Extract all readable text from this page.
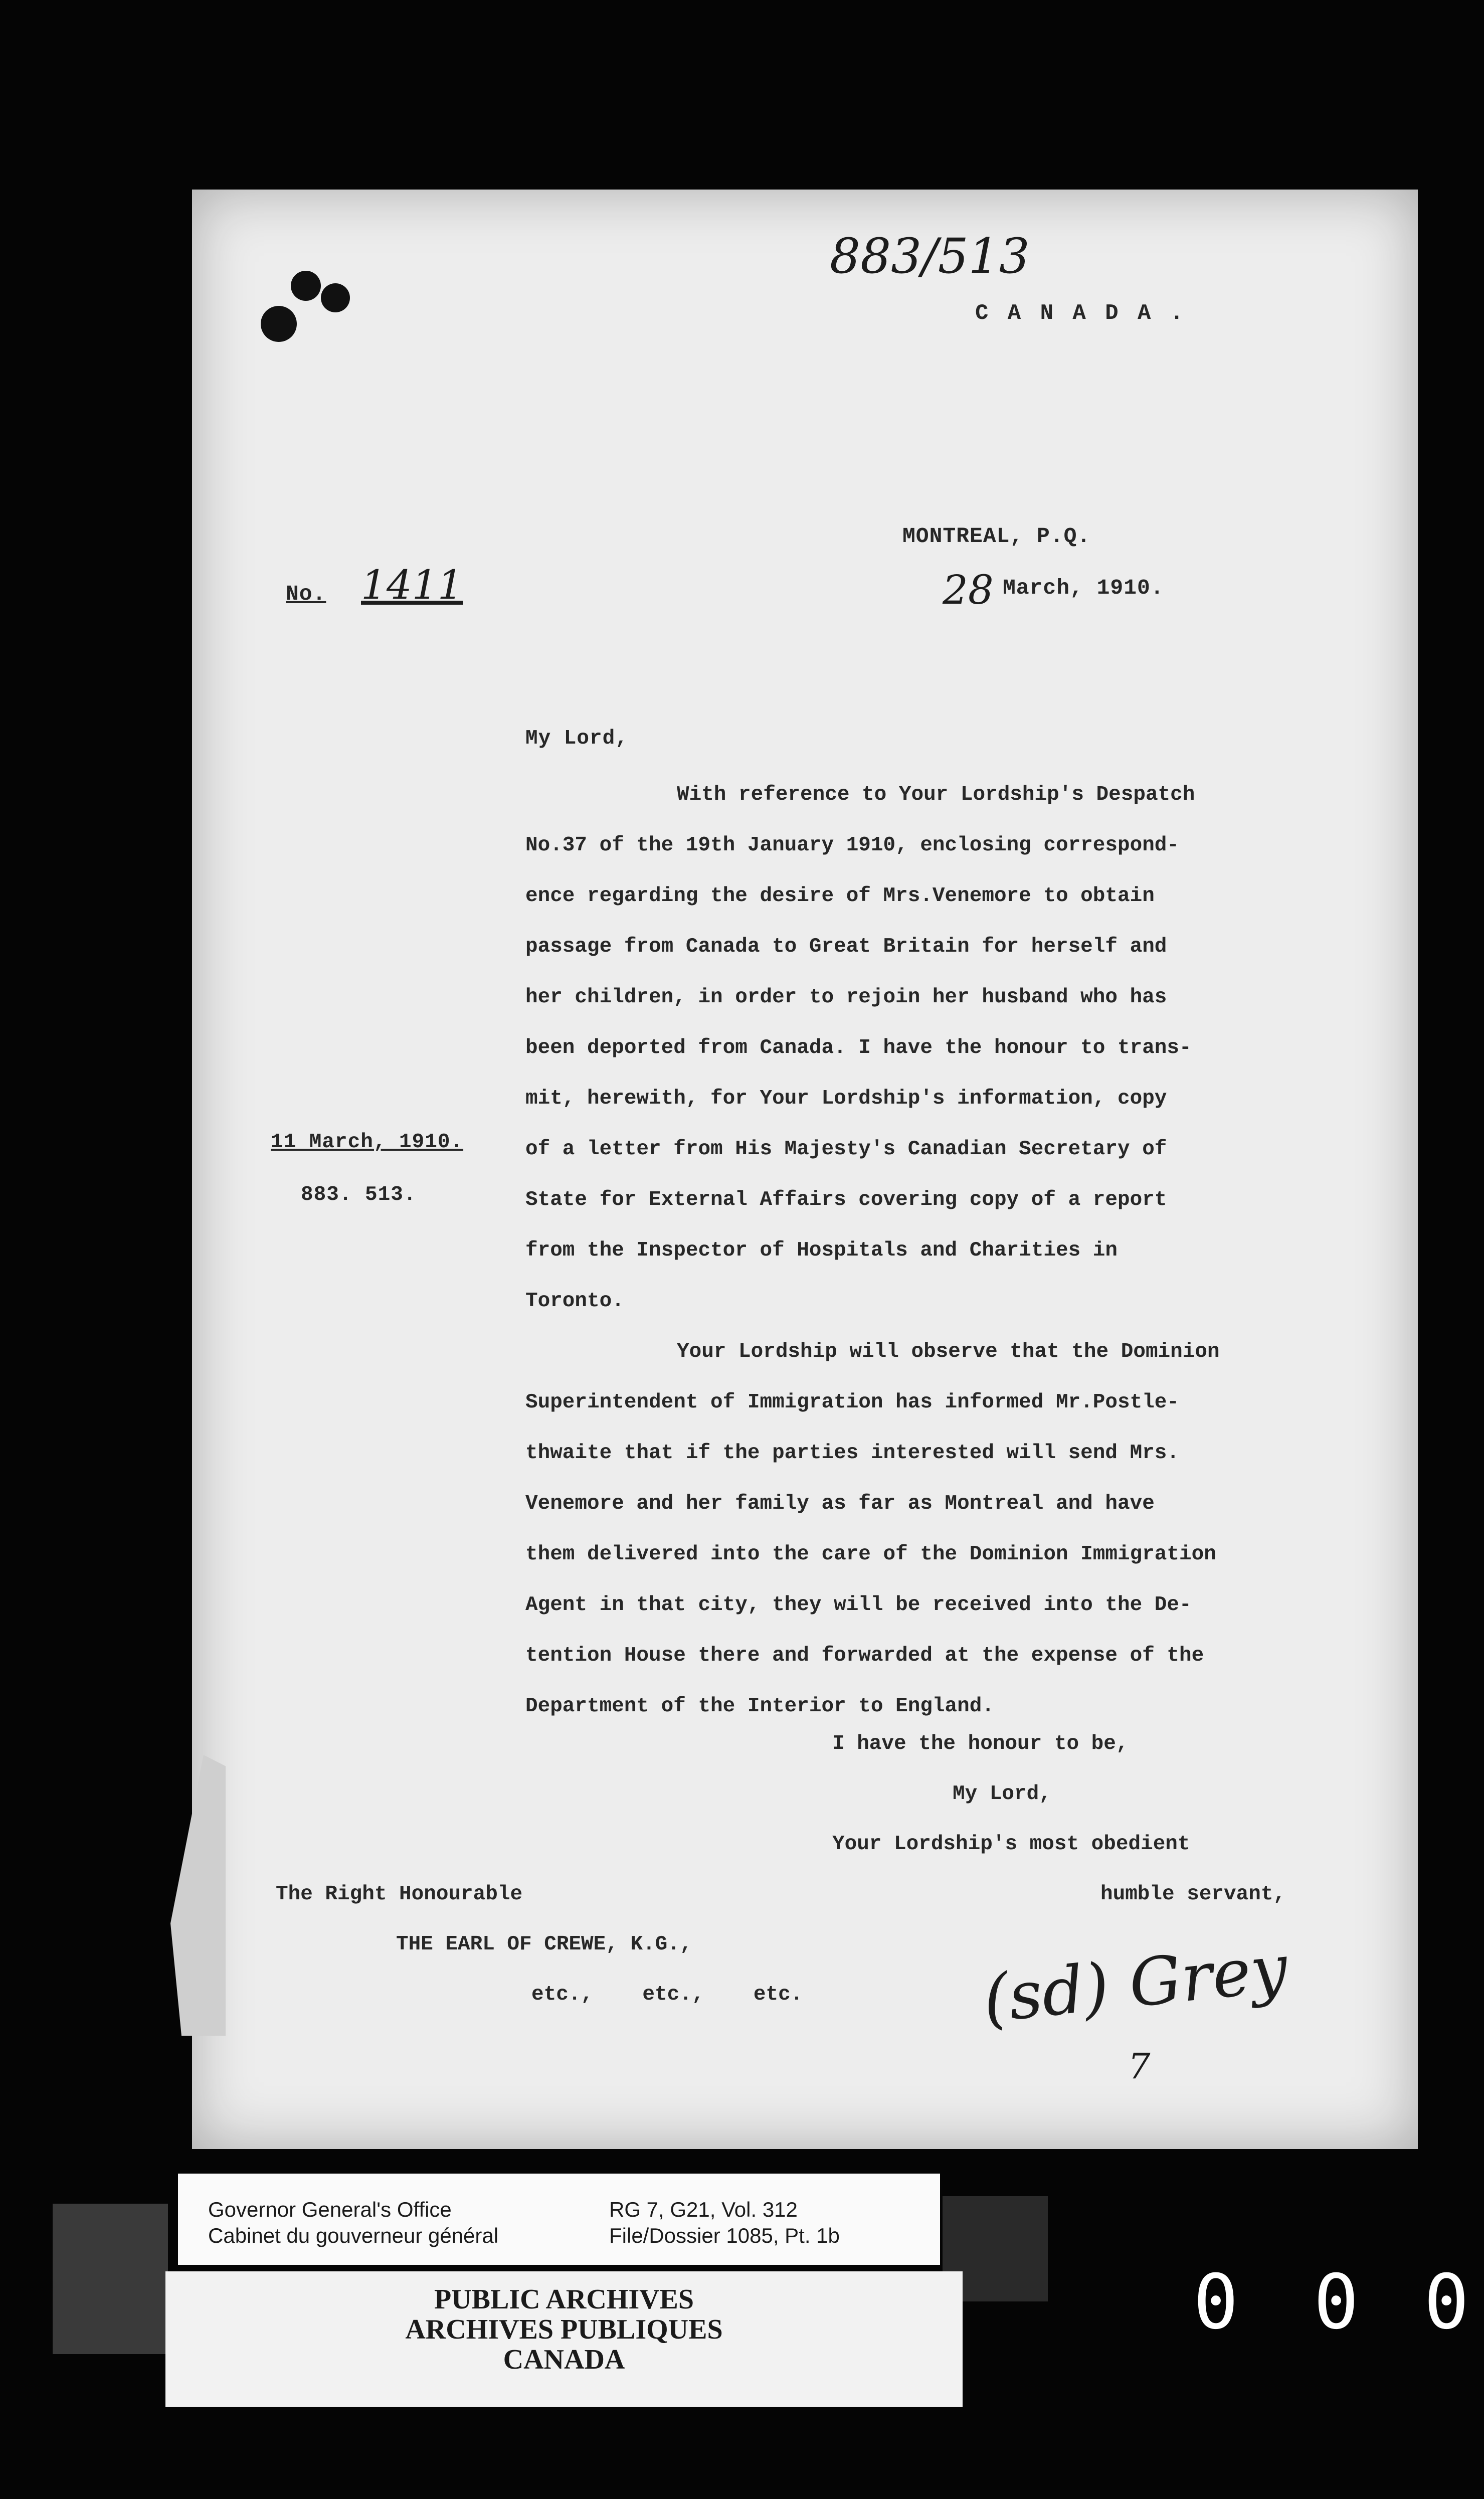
883/513
C A N A D A .
MONTREAL, P.Q.
28 March, 1910.
No. 1411
My Lord,
11 March, 1910.
883. 513.

With reference to Your Lordship's Despatch

No.37 of the 19th January 1910, enclosing correspond-

ence regarding the desire of Mrs.Venemore to obtain

passage from Canada to Great Britain for herself and

her children, in order to rejoin her husband who has

been deported from Canada. I have the honour to trans-

mit, herewith, for Your Lordship's information, copy

of a letter from His Majesty's Canadian Secretary of

State for External Affairs covering copy of a report

from the Inspector of Hospitals and Charities in

Toronto.

Your Lordship will observe that the Dominion

Superintendent of Immigration has informed Mr.Postle-

thwaite that if the parties interested will send Mrs.

Venemore and her family as far as Montreal and have

them delivered into the care of the Dominion Immigration

Agent in that city, they will be received into the De-

tention House there and forwarded at the expense of the

Department of the Interior to England.

I have the honour to be,
My Lord,
Your Lordship's most obedient
humble servant,
The Right Honourable
THE EARL OF CREWE, K.G.,
etc.,    etc.,    etc.	(sd) Grey
7
Governor General's Office
Cabinet du gouverneur général
RG 7, G21, Vol. 312
File/Dossier 1085, Pt. 1b
PUBLIC ARCHIVES
ARCHIVES PUBLIQUES
CANADA
0 0 0
